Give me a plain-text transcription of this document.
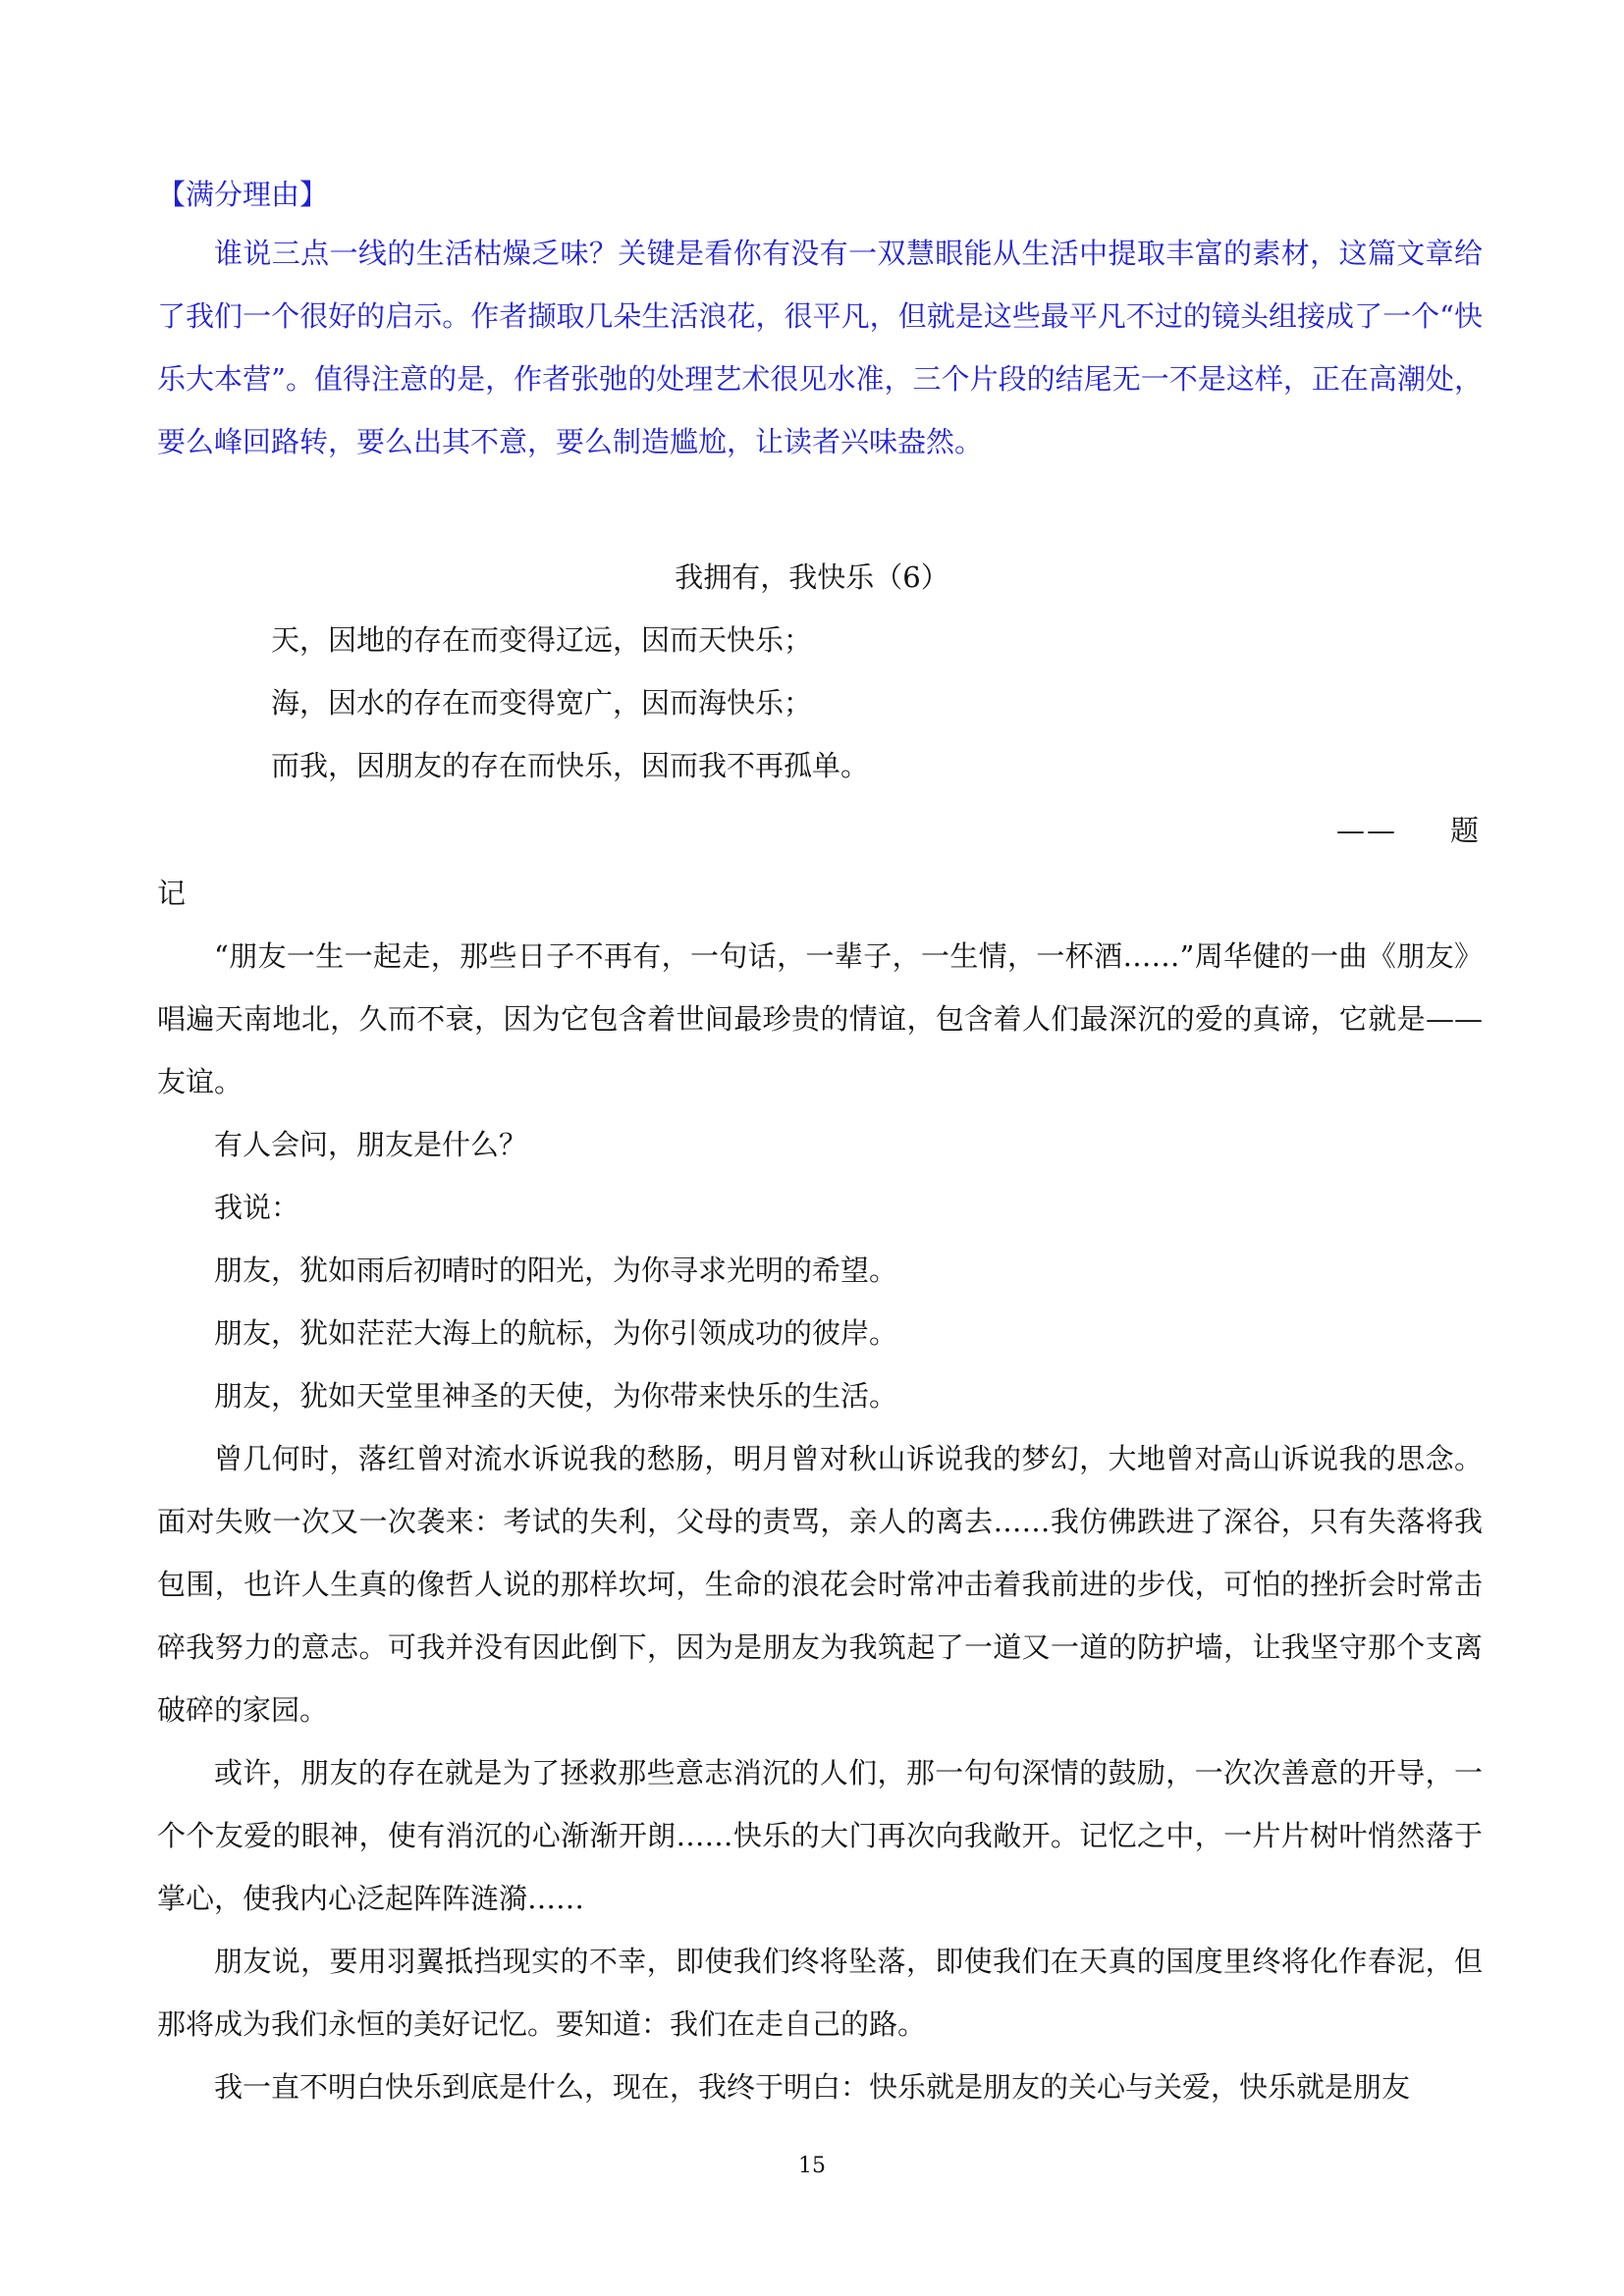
【满分理由】
谁说三点一线的生活枯燥乏味？关键是看你有没有一双慧眼能从生活中提取丰富的素材，这篇文章给了我们一个很好的启示。作者撷取几朵生活浪花，很平凡，但就是这些最平凡不过的镜头组接成了一个“快乐大本营”。值得注意的是，作者张弛的处理艺术很见水准，三个片段的结尾无一不是这样，正在高潮处，要么峰回路转，要么出其不意，要么制造尴尬，让读者兴味盎然。
我拥有，我快乐（6）
天，因地的存在而变得辽远，因而天快乐；
海，因水的存在而变得宽广，因而海快乐；
而我，因朋友的存在而快乐，因而我不再孤单。
—— 题
记
“朋友一生一起走，那些日子不再有，一句话，一辈子，一生情，一杯酒……”周华健的一曲《朋友》唱遍天南地北，久而不衰，因为它包含着世间最珍贵的情谊，包含着人们最深沉的爱的真谛，它就是——友谊。
有人会问，朋友是什么？
我说：
朋友，犹如雨后初晴时的阳光，为你寻求光明的希望。
朋友，犹如茫茫大海上的航标，为你引领成功的彼岸。
朋友，犹如天堂里神圣的天使，为你带来快乐的生活。
曾几何时，落红曾对流水诉说我的愁肠，明月曾对秋山诉说我的梦幻，大地曾对高山诉说我的思念。面对失败一次又一次袭来：考试的失利，父母的责骂，亲人的离去……我仿佛跌进了深谷，只有失落将我包围，也许人生真的像哲人说的那样坎坷，生命的浪花会时常冲击着我前进的步伐，可怕的挫折会时常击碎我努力的意志。可我并没有因此倒下，因为是朋友为我筑起了一道又一道的防护墙，让我坚守那个支离破碎的家园。
或许，朋友的存在就是为了拯救那些意志消沉的人们，那一句句深情的鼓励，一次次善意的开导，一个个友爱的眼神，使有消沉的心渐渐开朗……快乐的大门再次向我敞开。记忆之中，一片片树叶悄然落于掌心，使我内心泛起阵阵涟漪……
朋友说，要用羽翼抵挡现实的不幸，即使我们终将坠落，即使我们在天真的国度里终将化作春泥，但那将成为我们永恒的美好记忆。要知道：我们在走自己的路。
我一直不明白快乐到底是什么，现在，我终于明白：快乐就是朋友的关心与关爱，快乐就是朋友
15
